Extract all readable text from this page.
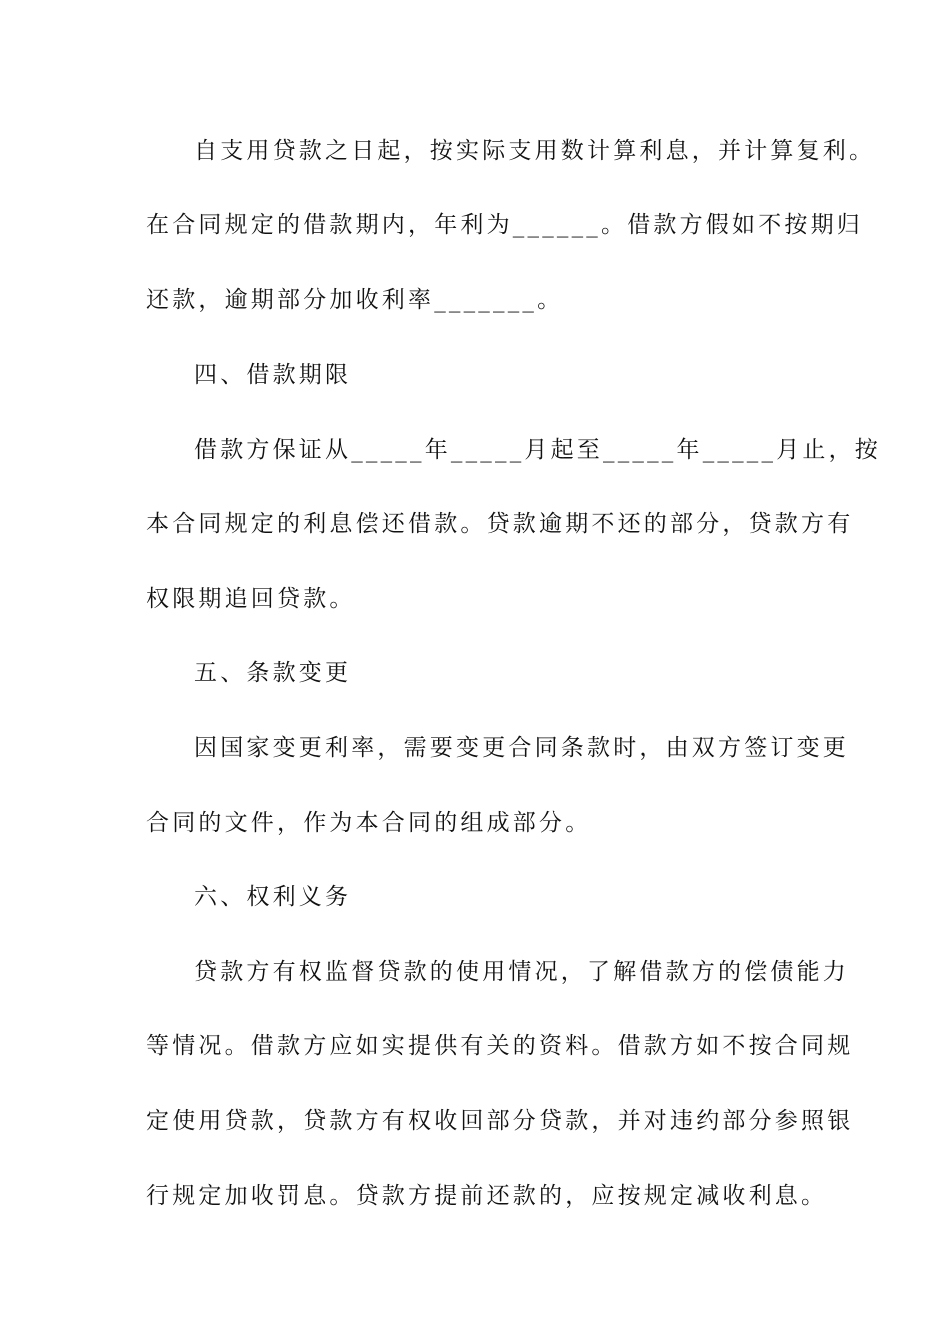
自支用贷款之日起，按实际支用数计算利息，并计算复利。
在合同规定的借款期内，年利为______。借款方假如不按期归
还款，逾期部分加收利率_______。
四、借款期限
借款方保证从_____年_____月起至_____年_____月止，按
本合同规定的利息偿还借款。贷款逾期不还的部分，贷款方有
权限期追回贷款。
五、条款变更
因国家变更利率，需要变更合同条款时，由双方签订变更
合同的文件，作为本合同的组成部分。
六、权利义务
贷款方有权监督贷款的使用情况，了解借款方的偿债能力
等情况。借款方应如实提供有关的资料。借款方如不按合同规
定使用贷款，贷款方有权收回部分贷款，并对违约部分参照银
行规定加收罚息。贷款方提前还款的，应按规定减收利息。
